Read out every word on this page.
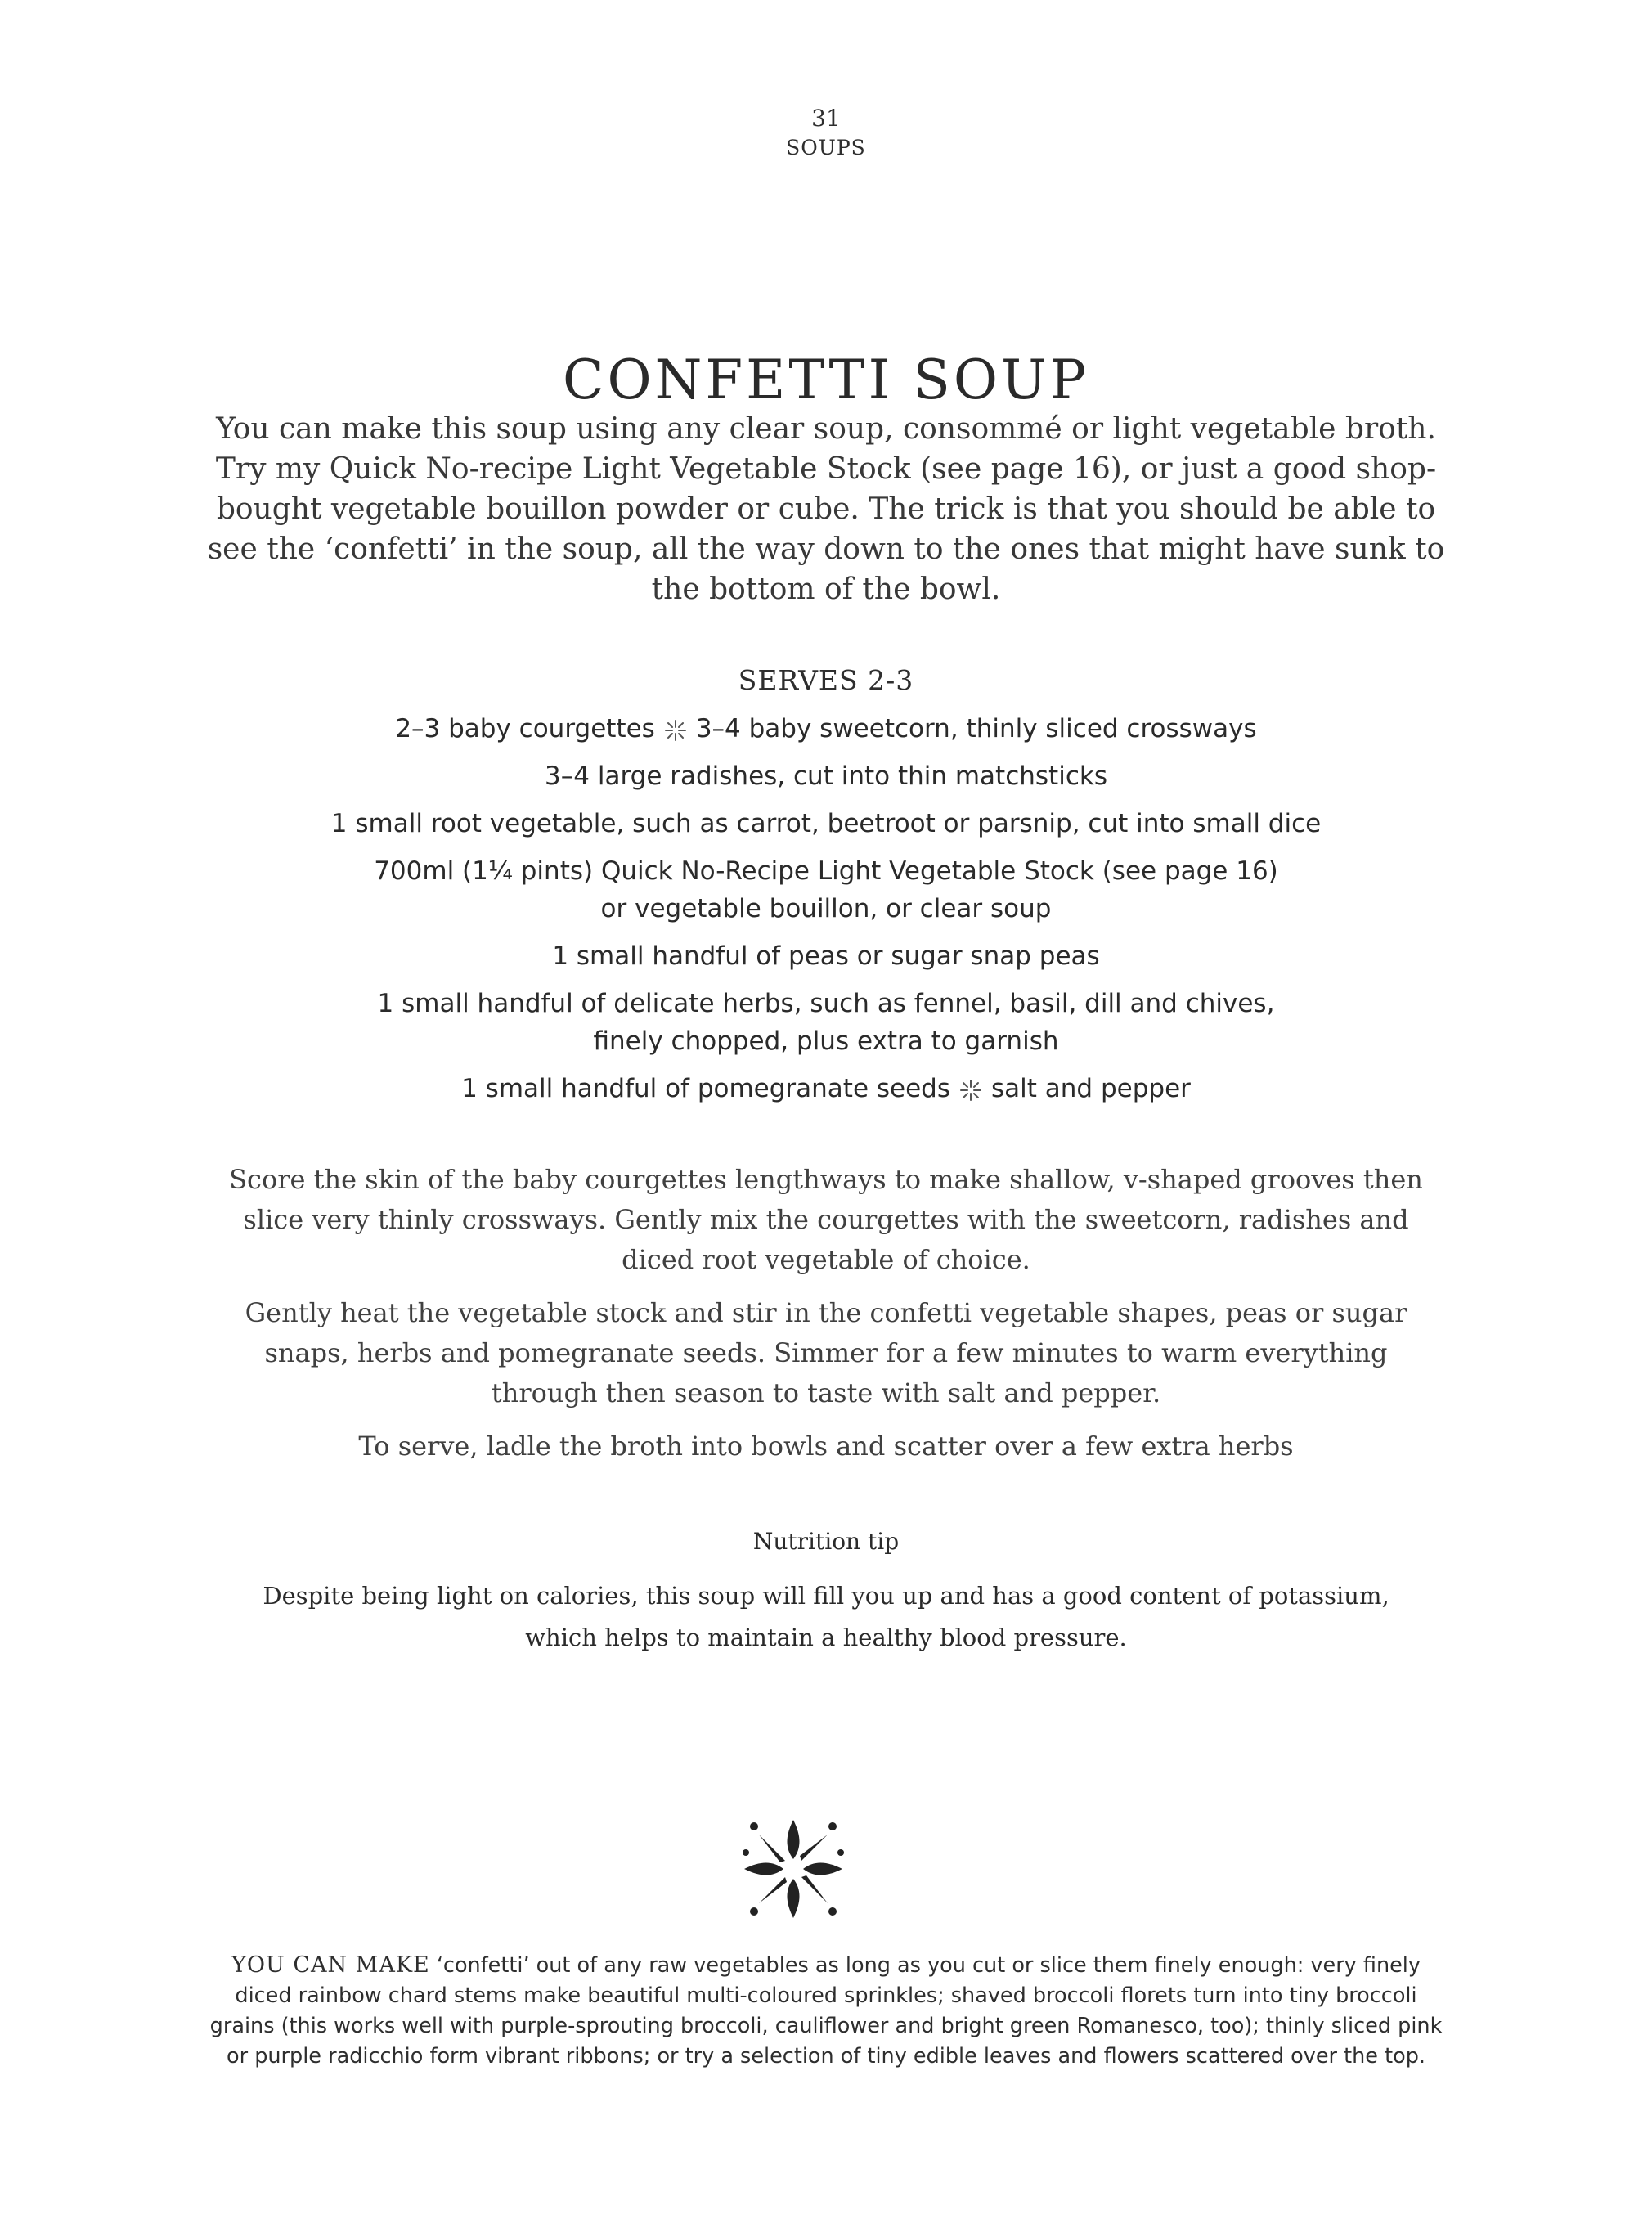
31
SOUPS
CONFETTI SOUP
You can make this soup using any clear soup, consommé or light vegetable broth. Try my Quick No-recipe Light Vegetable Stock (see page 16), or just a good shop-bought vegetable bouillon powder or cube. The trick is that you should be able to see the ‘confetti’ in the soup, all the way down to the ones that might have sunk to the bottom of the bowl.
SERVES 2-3
2–3 baby courgettes 3–4 baby sweetcorn, thinly sliced crossways
3–4 large radishes, cut into thin matchsticks
1 small root vegetable, such as carrot, beetroot or parsnip, cut into small dice
700ml (1¼ pints) Quick No-Recipe Light Vegetable Stock (see page 16)
or vegetable bouillon, or clear soup
1 small handful of peas or sugar snap peas
1 small handful of delicate herbs, such as fennel, basil, dill and chives,
finely chopped, plus extra to garnish
1 small handful of pomegranate seeds salt and pepper

Score the skin of the baby courgettes lengthways to make shallow, v-shaped grooves then slice very thinly crossways. Gently mix the courgettes with the sweetcorn, radishes and diced root vegetable of choice.

Gently heat the vegetable stock and stir in the confetti vegetable shapes, peas or sugar snaps, herbs and pomegranate seeds. Simmer for a few minutes to warm everything through then season to taste with salt and pepper.

To serve, ladle the broth into bowls and scatter over a few extra herbs

Nutrition tip
Despite being light on calories, this soup will fill you up and has a good content of potassium, which helps to maintain a healthy blood pressure.
YOU CAN MAKE ‘confetti’ out of any raw vegetables as long as you cut or slice them finely enough: very finely diced rainbow chard stems make beautiful multi-coloured sprinkles; shaved broccoli florets turn into tiny broccoli grains (this works well with purple-sprouting broccoli, cauliflower and bright green Romanesco, too); thinly sliced pink or purple radicchio form vibrant ribbons; or try a selection of tiny edible leaves and flowers scattered over the top.
